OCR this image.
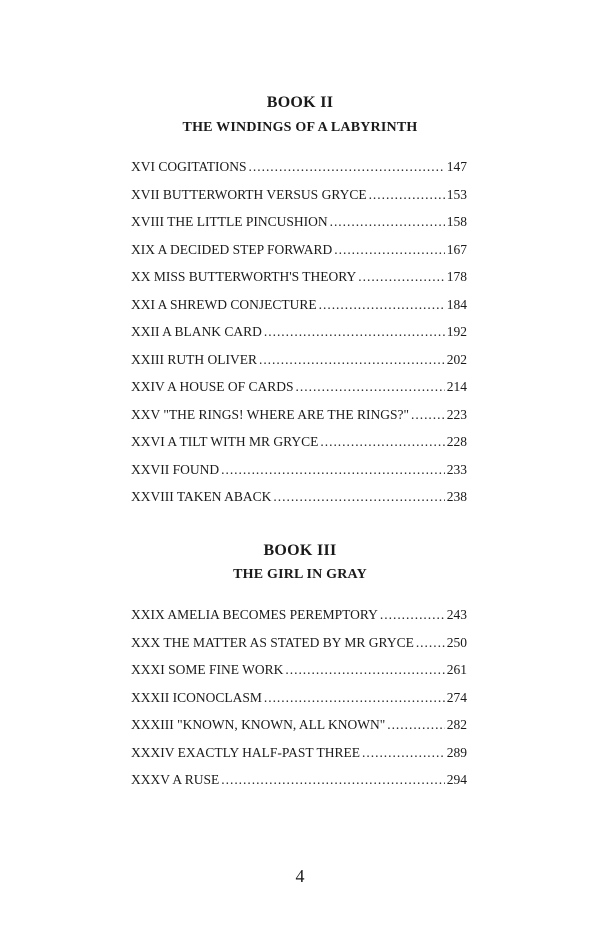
BOOK II
THE WINDINGS OF A LABYRINTH
XVI COGITATIONS . . .	147
XVII BUTTERWORTH VERSUS GRYCE . . .	153
XVIII THE LITTLE PINCUSHION . . .	158
XIX A DECIDED STEP FORWARD . . .	167
XX MISS BUTTERWORTH'S THEORY . . .	178
XXI A SHREWD CONJECTURE . . .	184
XXII A BLANK CARD . . .	192
XXIII RUTH OLIVER . . .	202
XXIV A HOUSE OF CARDS . . .	214
XXV "THE RINGS! WHERE ARE THE RINGS?" . . .	223
XXVI A TILT WITH MR GRYCE . . .	228
XXVII FOUND . . .	233
XXVIII TAKEN ABACK . . .	238
BOOK III
THE GIRL IN GRAY
XXIX AMELIA BECOMES PEREMPTORY . . .	243
XXX THE MATTER AS STATED BY MR GRYCE . . . 250
XXXI SOME FINE WORK . . .	261
XXXII ICONOCLASM . . .	274
XXXIII "KNOWN, KNOWN, ALL KNOWN" . . .	282
XXXIV EXACTLY HALF-PAST THREE . . .	289
XXXV A RUSE . . .	294
4
